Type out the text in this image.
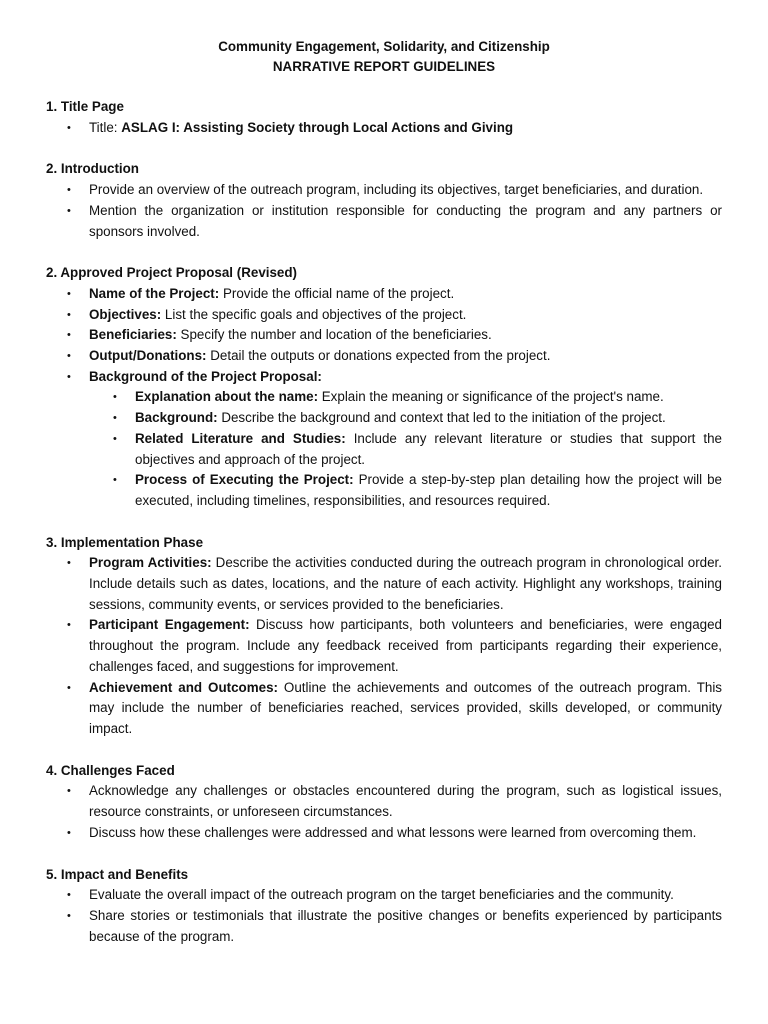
Community Engagement, Solidarity, and Citizenship
NARRATIVE REPORT GUIDELINES
1. Title Page
• Title: ASLAG I: Assisting Society through Local Actions and Giving
2. Introduction
• Provide an overview of the outreach program, including its objectives, target beneficiaries, and duration.
• Mention the organization or institution responsible for conducting the program and any partners or sponsors involved.
2. Approved Project Proposal (Revised)
• Name of the Project: Provide the official name of the project.
• Objectives: List the specific goals and objectives of the project.
• Beneficiaries: Specify the number and location of the beneficiaries.
• Output/Donations: Detail the outputs or donations expected from the project.
• Background of the Project Proposal:
• Explanation about the name: Explain the meaning or significance of the project's name.
• Background: Describe the background and context that led to the initiation of the project.
• Related Literature and Studies: Include any relevant literature or studies that support the objectives and approach of the project.
• Process of Executing the Project: Provide a step-by-step plan detailing how the project will be executed, including timelines, responsibilities, and resources required.
3. Implementation Phase
• Program Activities: Describe the activities conducted during the outreach program in chronological order. Include details such as dates, locations, and the nature of each activity. Highlight any workshops, training sessions, community events, or services provided to the beneficiaries.
• Participant Engagement: Discuss how participants, both volunteers and beneficiaries, were engaged throughout the program. Include any feedback received from participants regarding their experience, challenges faced, and suggestions for improvement.
• Achievement and Outcomes: Outline the achievements and outcomes of the outreach program. This may include the number of beneficiaries reached, services provided, skills developed, or community impact.
4. Challenges Faced
• Acknowledge any challenges or obstacles encountered during the program, such as logistical issues, resource constraints, or unforeseen circumstances.
• Discuss how these challenges were addressed and what lessons were learned from overcoming them.
5. Impact and Benefits
• Evaluate the overall impact of the outreach program on the target beneficiaries and the community.
• Share stories or testimonials that illustrate the positive changes or benefits experienced by participants because of the program.
